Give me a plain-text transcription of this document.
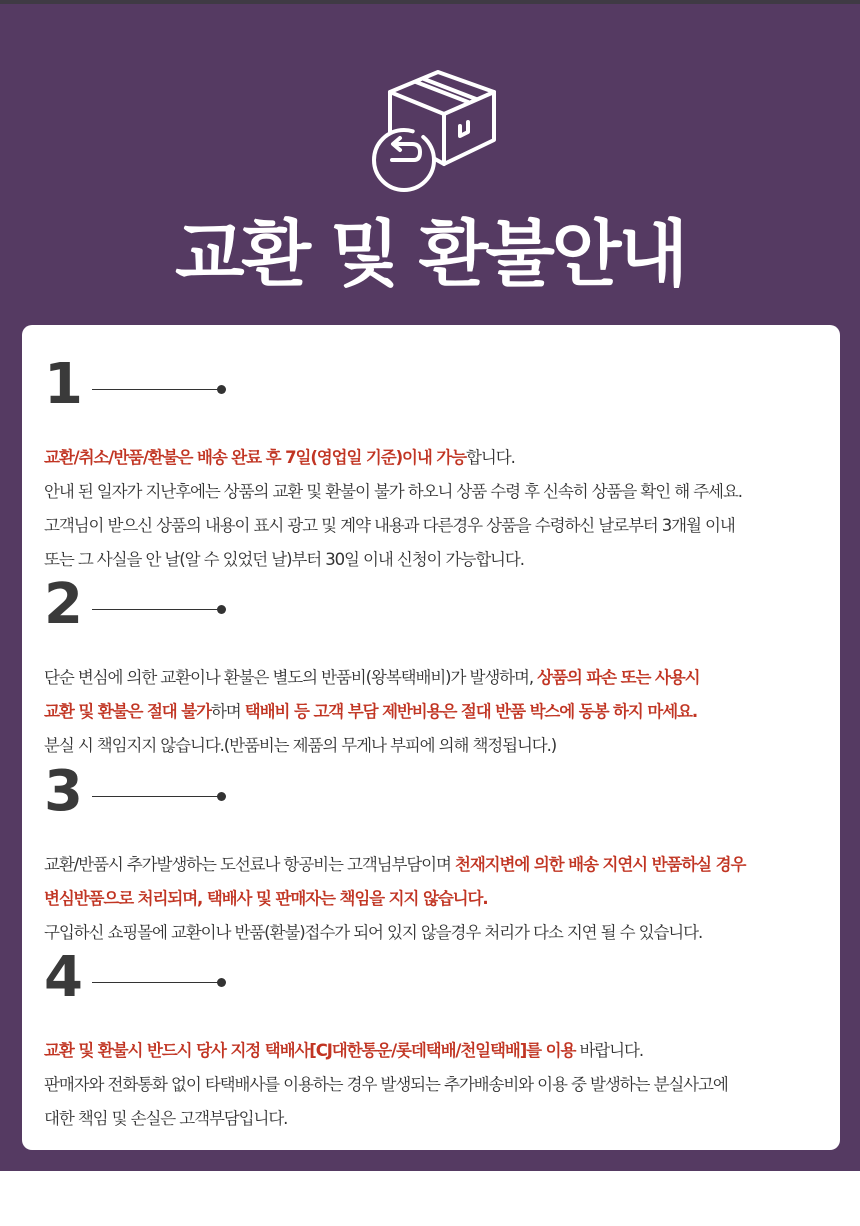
교환 및 환불안내
1
교환/취소/반품/환불은 배송 완료 후 7일(영업일 기준)이내 가능합니다.
안내 된 일자가 지난후에는 상품의 교환 및 환불이 불가 하오니 상품 수령 후 신속히 상품을 확인 해 주세요.
고객님이 받으신 상품의 내용이 표시 광고 및 계약 내용과 다른경우 상품을 수령하신 날로부터 3개월 이내
또는 그 사실을 안 날(알 수 있었던 날)부터 30일 이내 신청이 가능합니다.
2
단순 변심에 의한 교환이나 환불은 별도의 반품비(왕복택배비)가 발생하며, 상품의 파손 또는 사용시
교환 및 환불은 절대 불가하며 택배비 등 고객 부담 제반비용은 절대 반품 박스에 동봉 하지 마세요.
분실 시 책임지지 않습니다.(반품비는 제품의 무게나 부피에 의해 책정됩니다.)
3
교환/반품시 추가발생하는 도선료나 항공비는 고객님부담이며 천재지변에 의한 배송 지연시 반품하실 경우
변심반품으로 처리되며, 택배사 및 판매자는 책임을 지지 않습니다.
구입하신 쇼핑몰에 교환이나 반품(환불)접수가 되어 있지 않을경우 처리가 다소 지연 될 수 있습니다.
4
교환 및 환불시 반드시 당사 지정 택배사[CJ대한통운/롯데택배/천일택배]를 이용 바랍니다.
판매자와 전화통화 없이 타택배사를 이용하는 경우 발생되는 추가배송비와 이용 중 발생하는 분실사고에
대한 책임 및 손실은 고객부담입니다.
